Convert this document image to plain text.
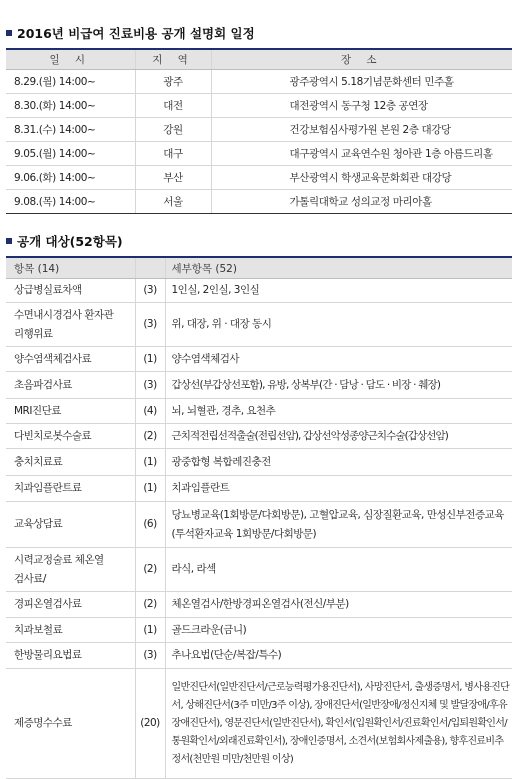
2016년 비급여 진료비용 공개 설명회 일정
일 시	지 역	장 소
8.29.(월) 14:00~	광주	광주광역시 5.18기념문화센터 민주홀
8.30.(화) 14:00~	대전	대전광역시 동구청 12층 공연장
8.31.(수) 14:00~	강원	건강보험심사평가원 본원 2층 대강당
9.05.(월) 14:00~	대구	대구광역시 교육연수원 청아관 1층 아름드리홀
9.06.(화) 14:00~	부산	부산광역시 학생교육문화회관 대강당
9.08.(목) 14:00~	서울	가톨릭대학교 성의교정 마리아홀
공개 대상(52항목)
항목 (14)		세부항목 (52)
상급병실료차액	(3)	1인실, 2인실, 3인실

수면내시경검사 환자관리행위료	(3)	위, 대장, 위 · 대장 동시
양수염색체검사료	(1)	양수염색체검사
초음파검사료	(3)	갑상선(부갑상선포함), 유방, 상복부(간 · 담낭 · 담도 · 비장 · 췌장)
MRI진단료	(4)	뇌, 뇌혈관, 경추, 요천추
다빈치로봇수술료	(2)	근치적전립선적출술(전립선암), 갑상선악성종양근치수술(갑상선암)
충치치료료	(1)	광중합형 복합레진충전
치과임플란트료	(1)	치과임플란트
교육상담료	(6)	당뇨병교육(1회방문/다회방문), 고혈압교육, 심장질환교육, 만성신부전증교육(투석환자교육 1회방문/다회방문)

시력교정술료 체온열검사료/	(2)	라식, 라섹
경피온열검사료	(2)	체온열검사/한방경피온열검사(전신/부분)
치과보철료	(1)	골드크라운(금니)
한방물리요법료	(3)	추나요법(단순/복잡/특수)
제증명수수료	(20)	일반진단서(일반진단서/근로능력평가용진단서), 사망진단서, 출생증명서, 병사용진단서, 상해진단서(3주 미만/3주 이상), 장애진단서(일반장애/정신지체 및 발달장애/후유장애진단서), 영문진단서(일반진단서), 확인서(입원확인서/진료확인서/입퇴원확인서/통원확인서/외래진료확인서), 장애인증명서, 소견서(보험회사제출용), 향후진료비추정서(천만원 미만/천만원 이상)
